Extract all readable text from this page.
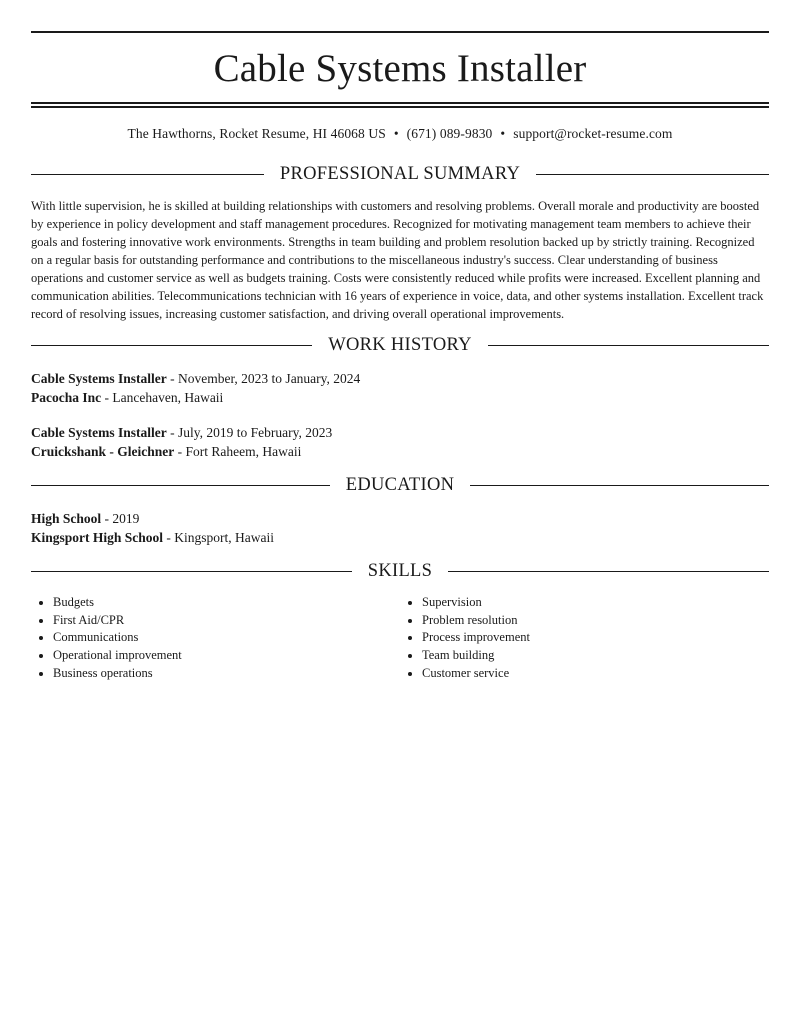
Cable Systems Installer
The Hawthorns, Rocket Resume, HI 46068 US • (671) 089-9830 • support@rocket-resume.com
PROFESSIONAL SUMMARY
With little supervision, he is skilled at building relationships with customers and resolving problems. Overall morale and productivity are boosted by experience in policy development and staff management procedures. Recognized for motivating management team members to achieve their goals and fostering innovative work environments. Strengths in team building and problem resolution backed up by strictly training. Recognized on a regular basis for outstanding performance and contributions to the miscellaneous industry's success. Clear understanding of business operations and customer service as well as budgets training. Costs were consistently reduced while profits were increased. Excellent planning and communication abilities. Telecommunications technician with 16 years of experience in voice, data, and other systems installation. Excellent track record of resolving issues, increasing customer satisfaction, and driving overall operational improvements.
WORK HISTORY
Cable Systems Installer - November, 2023 to January, 2024
Pacocha Inc - Lancehaven, Hawaii
Cable Systems Installer - July, 2019 to February, 2023
Cruickshank - Gleichner - Fort Raheem, Hawaii
EDUCATION
High School - 2019
Kingsport High School - Kingsport, Hawaii
SKILLS
• Budgets
• First Aid/CPR
• Communications
• Operational improvement
• Business operations
• Supervision
• Problem resolution
• Process improvement
• Team building
• Customer service
